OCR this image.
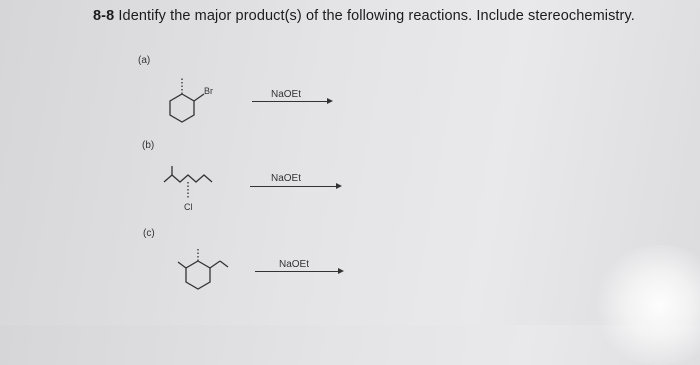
8-8 Identify the major product(s) of the following reactions. Include stereochemistry.
(a)
Br	NaOEt
(b)
Cl
NaOEt
(c)
NaOEt
